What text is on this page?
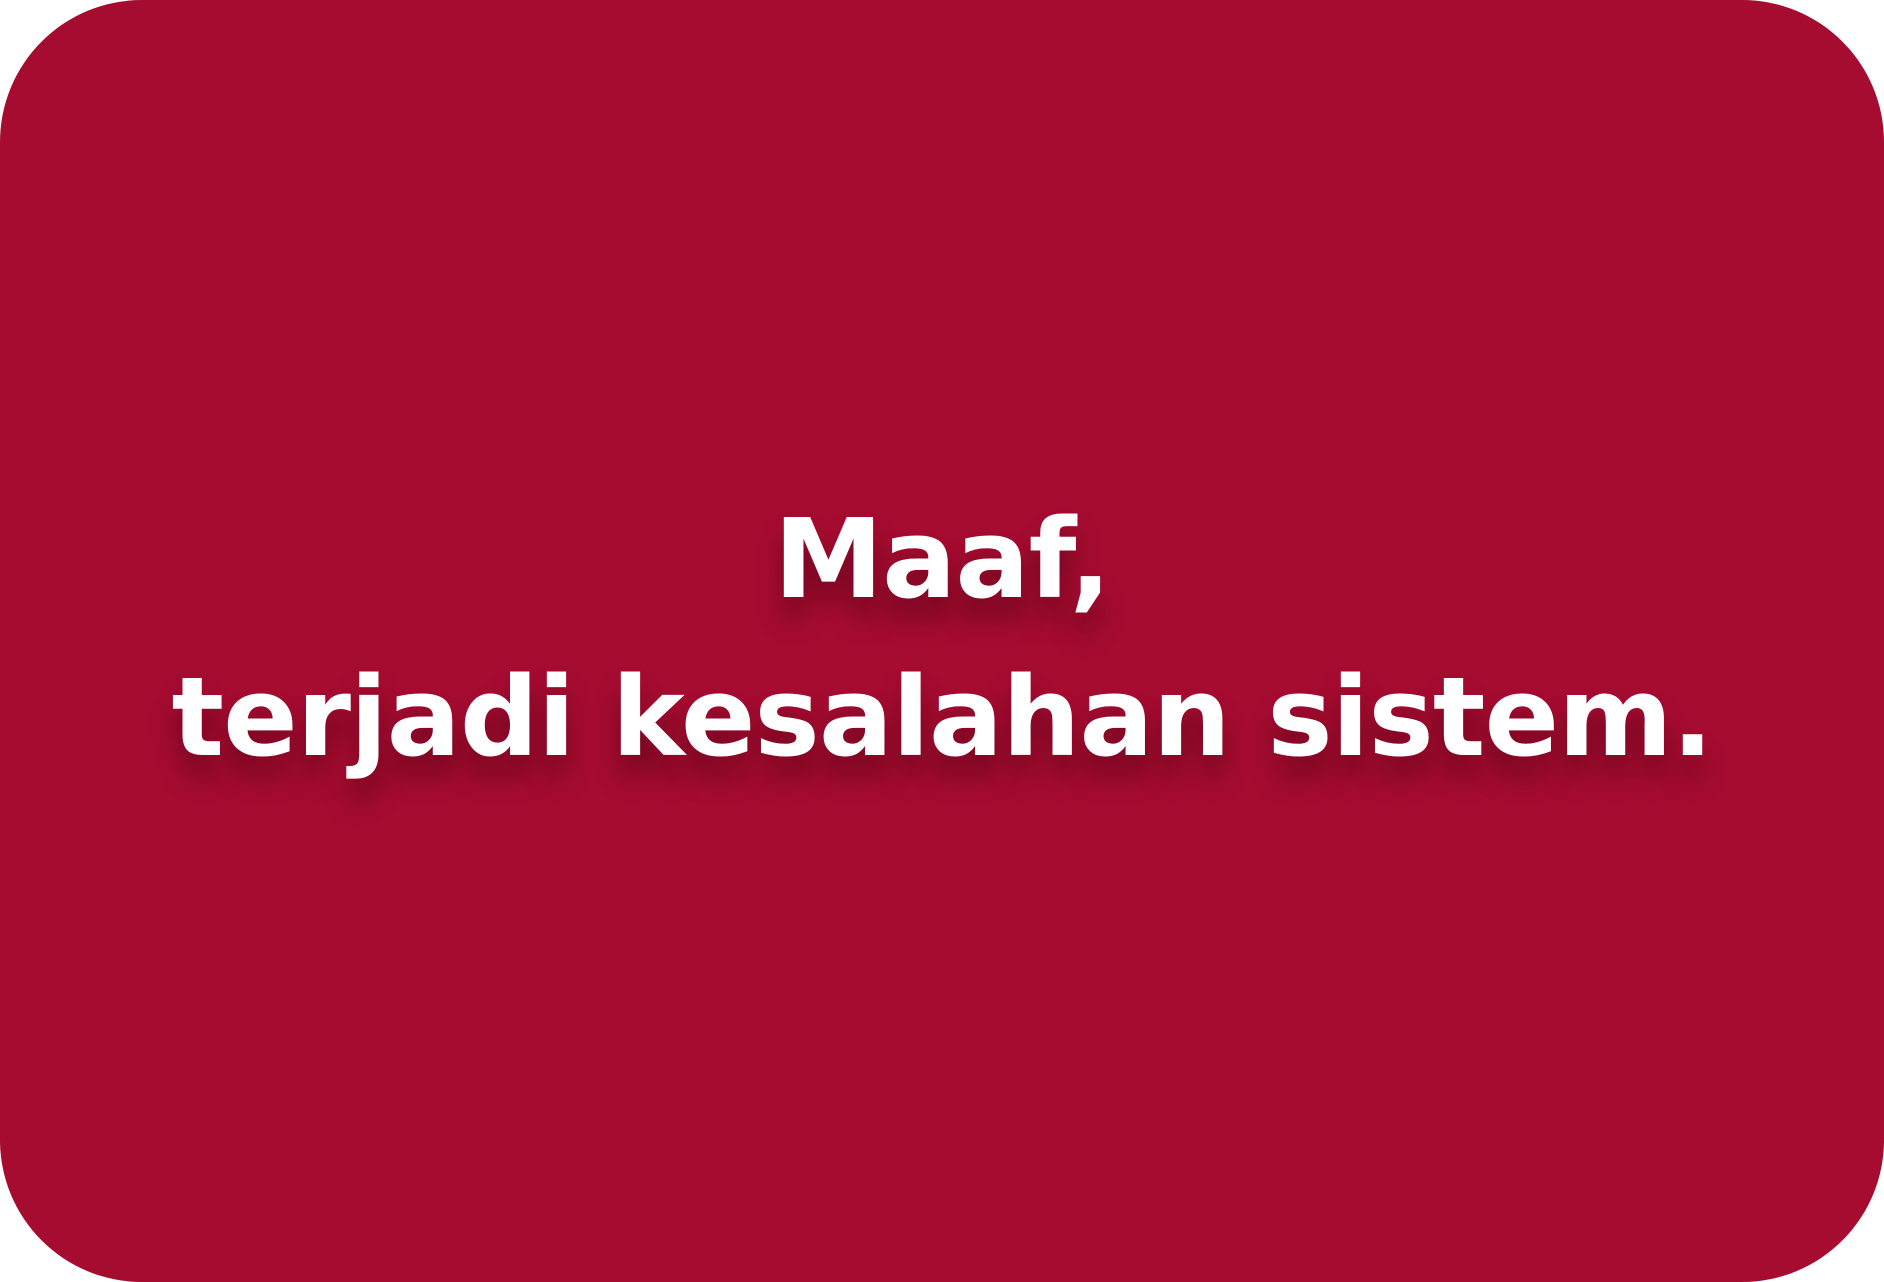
Maaf,
terjadi kesalahan sistem.
